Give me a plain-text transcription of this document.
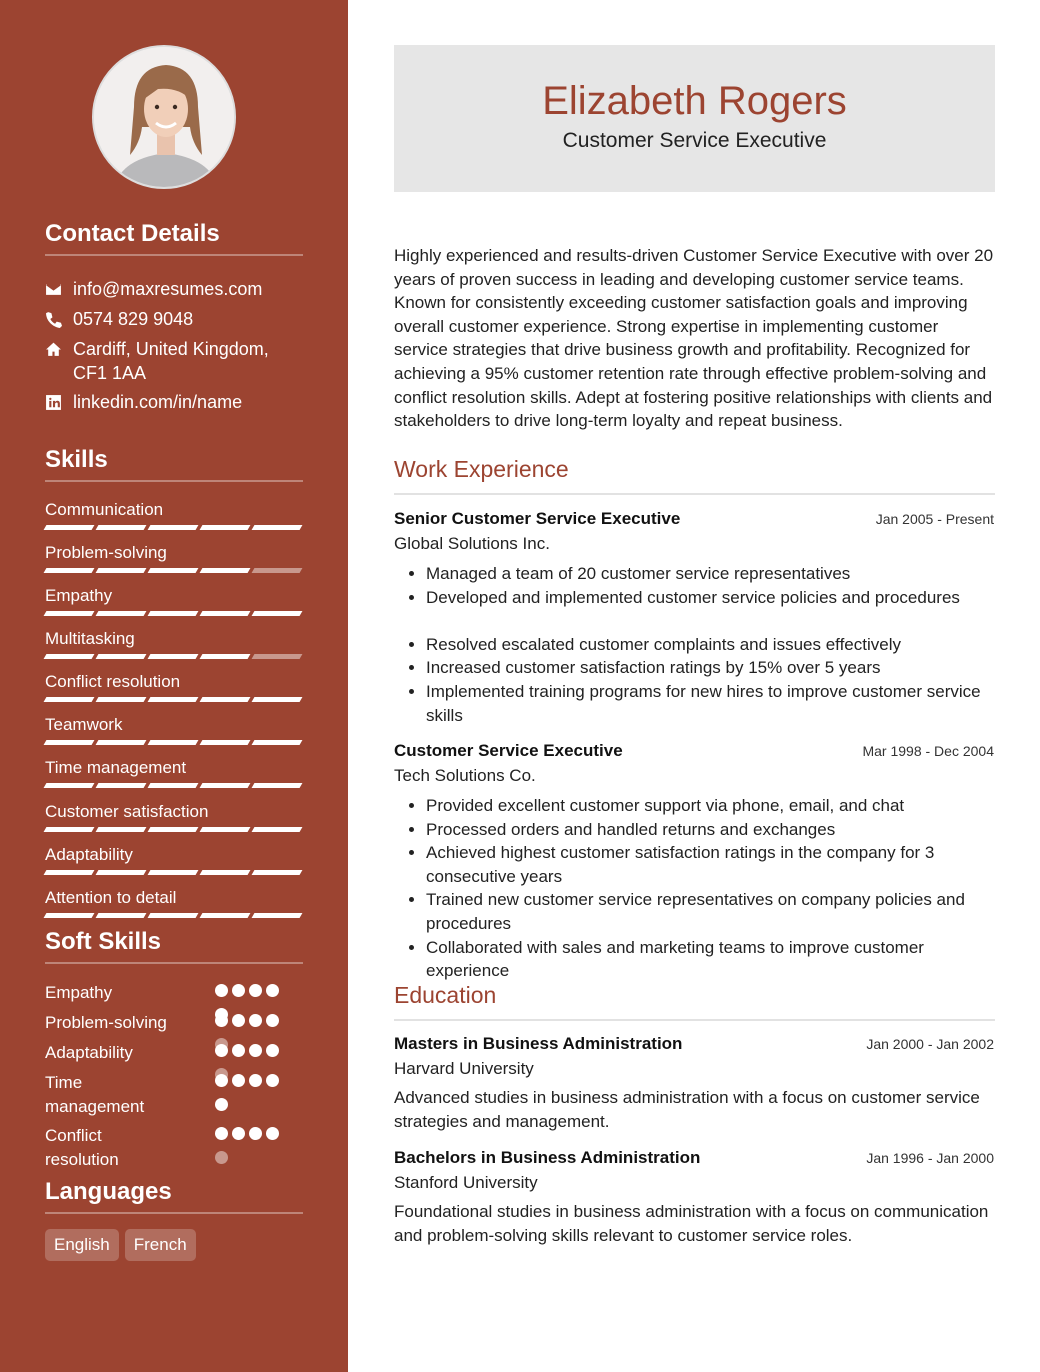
Contact Details
info@maxresumes.com
0574 829 9048
Cardiff, United Kingdom,
CF1 1AA
linkedin.com/in/name
Skills
Communication
Problem-solving
Empathy
Multitasking
Conflict resolution
Teamwork
Time management
Customer satisfaction
Adaptability
Attention to detail
Soft Skills
Empathy
Problem-solving
Adaptability
Time management
Conflict resolution
Languages
English	French
Elizabeth Rogers
Customer Service Executive
Highly experienced and results-driven Customer Service Executive with over 20 years of proven success in leading and developing customer service teams. Known for consistently exceeding customer satisfaction goals and improving overall customer experience. Strong expertise in implementing customer service strategies that drive business growth and profitability. Recognized for achieving a 95% customer retention rate through effective problem-solving and conflict resolution skills. Adept at fostering positive relationships with clients and stakeholders to drive long-term loyalty and repeat business.
Work Experience
Senior Customer Service Executive	Jan 2005 - Present
Global Solutions Inc.
• Managed a team of 20 customer service representatives
• Developed and implemented customer service policies and procedures
• Resolved escalated customer complaints and issues effectively
• Increased customer satisfaction ratings by 15% over 5 years
• Implemented training programs for new hires to improve customer service skills
Customer Service Executive	Mar 1998 - Dec 2004
Tech Solutions Co.
• Provided excellent customer support via phone, email, and chat
• Processed orders and handled returns and exchanges
• Achieved highest customer satisfaction ratings in the company for 3 consecutive years
• Trained new customer service representatives on company policies and procedures
• Collaborated with sales and marketing teams to improve customer experience
Education
Masters in Business Administration	Jan 2000 - Jan 2002
Harvard University
Advanced studies in business administration with a focus on customer service strategies and management.
Bachelors in Business Administration	Jan 1996 - Jan 2000
Stanford University
Foundational studies in business administration with a focus on communication and problem-solving skills relevant to customer service roles.
